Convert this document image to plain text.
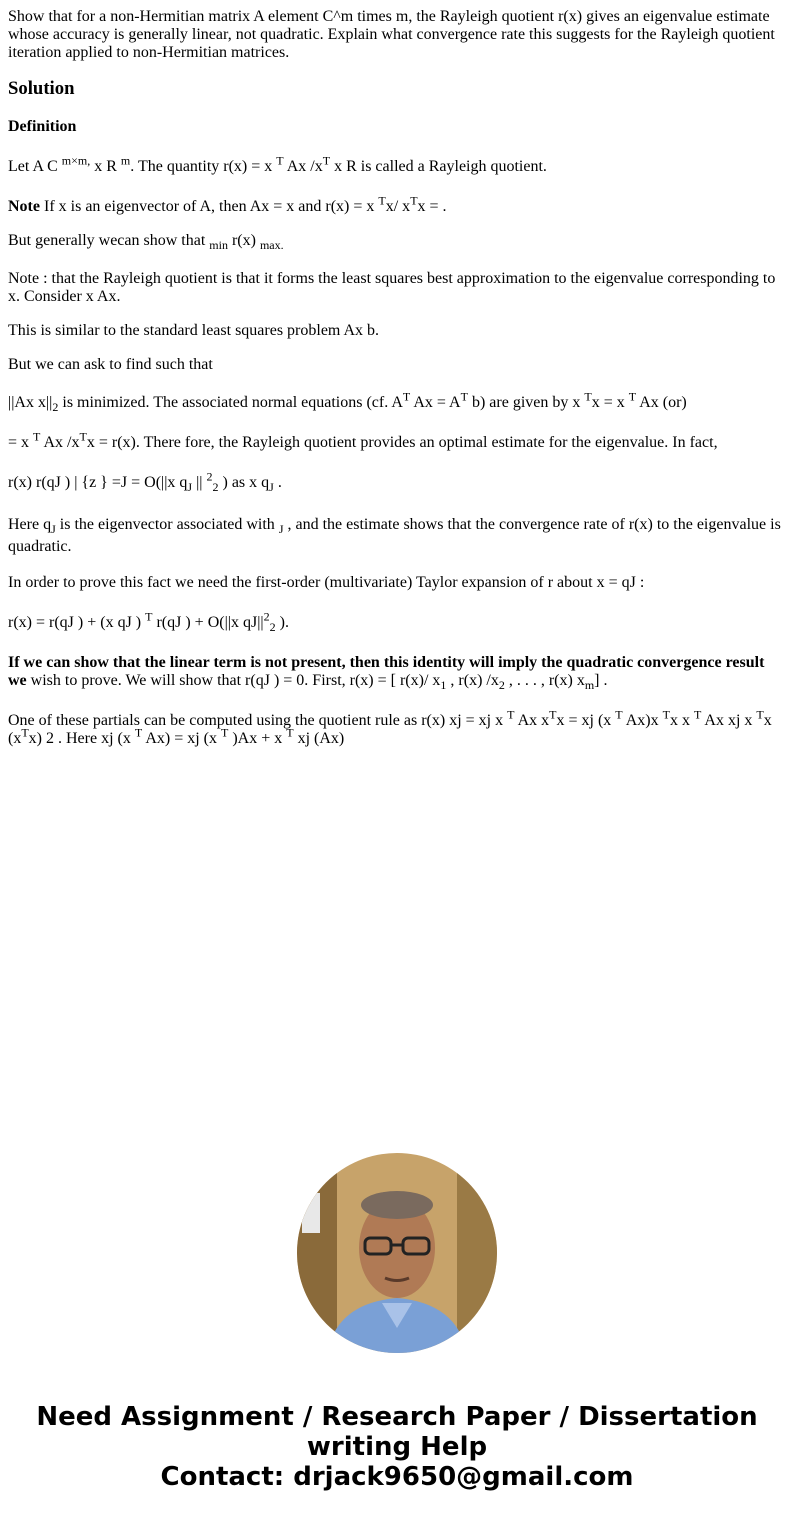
Show that for a non-Hermitian matrix A element C^m times m, the Rayleigh quotient r(x) gives an eigenvalue estimate whose accuracy is generally linear, not quadratic. Explain what convergence rate this suggests for the Rayleigh quotient iteration applied to non-Hermitian matrices.
Solution
Definition

Let A C $^{m\times m,}$ x R $^m$. The quantity r(x) = x $^T$ Ax $/x^T$ x R is called a Rayleigh quotient.

Note If x is an eigenvector of A, then Ax = x and r(x) = x $^T$x/ $x^Tx$ = .

But generally wecan show that $_{min}$ r(x) $_{max.}$

Note : that the Rayleigh quotient is that it forms the least squares best approximation to the eigenvalue corresponding to x. Consider x Ax.

This is similar to the standard least squares problem Ax b.

But we can ask to find such that

||Ax $x||_2$ is minimized. The associated normal equations (cf. $A^T$ $Ax = A^T$ b) are given by x $^T$x = x $^T$ Ax (or)

= x $^T$ Ax $/x^Tx = r(x)$. There fore, the Rayleigh quotient provides an optimal estimate for the eigenvalue. In fact,

r(x) r(qJ ) | {z } =J = O(||x $q_J$ || $^2_2$ ) as x $q_J$ .

Here $q_J$ is the eigenvector associated with $_J$ , and the estimate shows that the convergence rate of r(x) to the eigenvalue is quadratic.

In order to prove this fact we need the first-order (multivariate) Taylor expansion of r about x = qJ :

r(x) = r(qJ ) + (x qJ ) $^T$ r(qJ ) + O(||x $qJ||^2_2$ ).

If we can show that the linear term is not present, then this identity will imply the quadratic convergence result we wish to prove. We will show that r(qJ ) = 0. First, r(x) = [ r(x)/ $x_1$ , r(x) $/x_2$ , . . . , r(x) $x_m$] .

One of these partials can be computed using the quotient rule as r(x) xj = xj x $^T$ Ax $x^Tx$ = xj (x $^T$ Ax)x $^T$x x $^T$ Ax xj x $^T$x $(x^Tx)$ 2 . Here xj (x $^T$ Ax) = xj (x $^T$ )Ax + x $^T$ xj (Ax)

Need Assignment / Research Paper / Dissertation
writing Help
Contact: drjack9650@gmail.com
